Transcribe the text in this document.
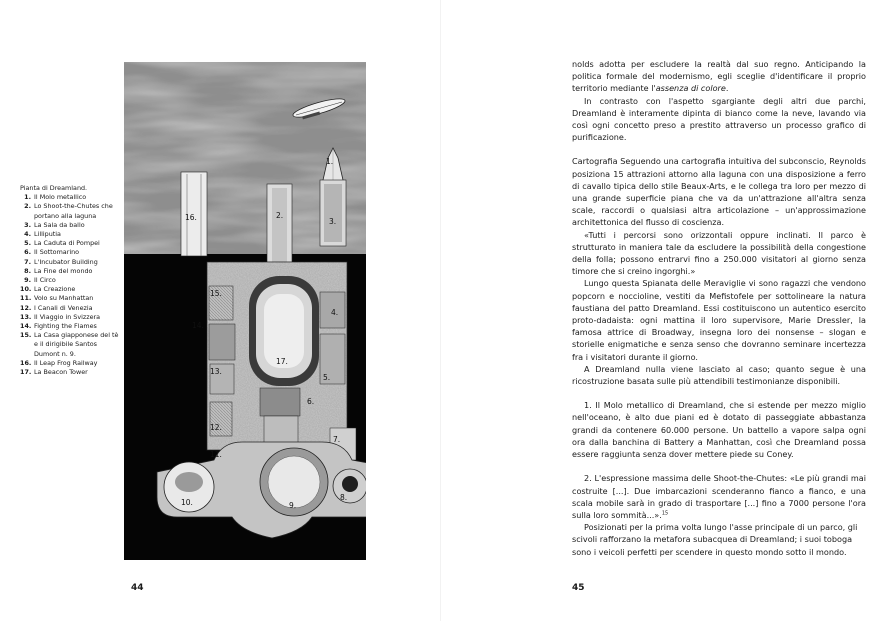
Pianta di Dreamland.

1. Il Molo metallico
2. Lo Shoot-the-Chutes che portano alla laguna
3. La Sala da ballo
4. Lilliputia
5. La Caduta di Pompei
6. Il Sottomarino
7. L'Incubator Building
8. La Fine del mondo
9. Il Circo
10. La Creazione
11. Volo su Manhattan
12. I Canali di Venezia
13. Il Viaggio in Svizzera
14. Fighting the Flames
15. La Casa giapponese del tè e il dirigibile Santos Dumont n. 9.
16. Il Leap Frog Railway
17. La Beacon Tower
1.
2.
3.
4.
5.
6.
7.
8.
9.
10.
11.
12.
13.
14.
15.
16.
17.
44

nolds adotta per escludere la realtà dal suo regno. Anticipando la politica formale del modernismo, egli sceglie d'identificare il proprio territorio mediante l'assenza di colore.

In contrasto con l'aspetto sgargiante degli altri due parchi, Dreamland è interamente dipinta di bianco come la neve, lavando via così ogni concetto preso a prestito attraverso un processo grafico di purificazione.

Cartografia Seguendo una cartografia intuitiva del subconscio, Reynolds posiziona 15 attrazioni attorno alla laguna con una disposizione a ferro di cavallo tipica dello stile Beaux-Arts, e le collega tra loro per mezzo di una grande superficie piana che va da un'attrazione all'altra senza scale, raccordi o qualsiasi altra articolazione – un'approssimazione architettonica del flusso di coscienza.

«Tutti i percorsi sono orizzontali oppure inclinati. Il parco è strutturato in maniera tale da escludere la possibilità della congestione della folla; possono entrarvi fino a 250.000 visitatori al giorno senza timore che si creino ingorghi.»

Lungo questa Spianata delle Meraviglie vi sono ragazzi che vendono popcorn e noccioline, vestiti da Mefistofele per sottolineare la natura faustiana del patto Dreamland. Essi costituiscono un autentico esercito proto-dadaista: ogni mattina il loro supervisore, Marie Dressler, la famosa attrice di Broadway, insegna loro dei nonsense – slogan e storielle enigmatiche e senza senso che dovranno seminare incertezza fra i visitatori durante il giorno.

A Dreamland nulla viene lasciato al caso; quanto segue è una ricostruzione basata sulle più attendibili testimonianze disponibili.

1. Il Molo metallico di Dreamland, che si estende per mezzo miglio nell'oceano, è alto due piani ed è dotato di passeggiate abbastanza grandi da contenere 60.000 persone. Un battello a vapore salpa ogni ora dalla banchina di Battery a Manhattan, così che Dreamland possa essere raggiunta senza dover mettere piede su Coney.

2. L'espressione massima delle Shoot-the-Chutes: «Le più grandi mai costruite [...]. Due imbarcazioni scenderanno fianco a fianco, e una scala mobile sarà in grado di trasportare [...] fino a 7000 persone l'ora sulla loro sommità...».$^{15}$

Posizionati per la prima volta lungo l'asse principale di un parco, gli scivoli rafforzano la metafora subacquea di Dreamland; i suoi toboga sono i veicoli perfetti per scendere in questo mondo sotto il mondo.

45
